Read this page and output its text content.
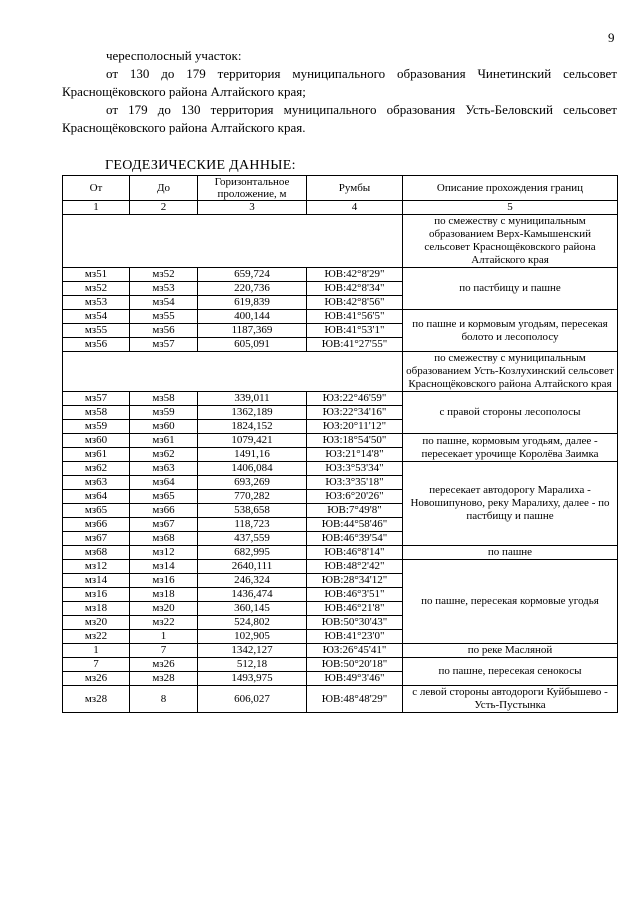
9

чересполосный участок:

от 130 до 179 территория муниципального образования Чинетинский сельсовет Краснощёковского района Алтайского края;

от 179 до 130 территория муниципального образования Усть-Беловский сельсовет Краснощёковского района Алтайского края.

ГЕОДЕЗИЧЕСКИЕ ДАННЫЕ:
От	До	Горизонтальное проложение, м	Румбы	Описание прохождения границ
1	2	3	4	5
				по смежеству с муниципальным образованием Верх-Камышенский сельсовет Краснощёковского района Алтайского края
мз51	мз52	659,724	ЮВ:42°8'29"	по пастбищу и пашне
мз52	мз53	220,736	ЮВ:42°8'34"	
мз53	мз54	619,839	ЮВ:42°8'56"	
мз54	мз55	400,144	ЮВ:41°56'5"	по пашне и кормовым угодьям, пересекая болото и лесополосу
мз55	мз56	1187,369	ЮВ:41°53'1"	
мз56	мз57	605,091	ЮВ:41°27'55"	
				по смежеству с муниципальным образованием Усть-Козлухинский сельсовет Краснощёковского района Алтайского края
мз57	мз58	339,011	ЮЗ:22°46'59"	с правой стороны лесополосы
мз58	мз59	1362,189	ЮЗ:22°34'16"	
мз59	мз60	1824,152	ЮЗ:20°11'12"	
мз60	мз61	1079,421	ЮЗ:18°54'50"	по пашне, кормовым угодьям, далее - пересекает урочище Королёва Заимка
мз61	мз62	1491,16	ЮЗ:21°14'8"	
мз62	мз63	1406,084	ЮЗ:3°53'34"	пересекает автодорогу Маралиха - Новошипуново, реку Маралиху, далее - по пастбищу и пашне
мз63	мз64	693,269	ЮЗ:3°35'18"	
мз64	мз65	770,282	ЮЗ:6°20'26"	
мз65	мз66	538,658	ЮВ:7°49'8"	
мз66	мз67	118,723	ЮВ:44°58'46"	
мз67	мз68	437,559	ЮВ:46°39'54"	
мз68	мз12	682,995	ЮВ:46°8'14"	по пашне
мз12	мз14	2640,111	ЮВ:48°2'42"	по пашне, пересекая кормовые угодья
мз14	мз16	246,324	ЮВ:28°34'12"	
мз16	мз18	1436,474	ЮВ:46°3'51"	
мз18	мз20	360,145	ЮВ:46°21'8"	
мз20	мз22	524,802	ЮВ:50°30'43"	
мз22	1	102,905	ЮВ:41°23'0"	
1	7	1342,127	ЮЗ:26°45'41"	по реке Масляной
7	мз26	512,18	ЮВ:50°20'18"	по пашне, пересекая сенокосы
мз26	мз28	1493,975	ЮВ:49°3'46"	
мз28	8	606,027	ЮВ:48°48'29"	с левой стороны автодороги Куйбышево - Усть-Пустынка
